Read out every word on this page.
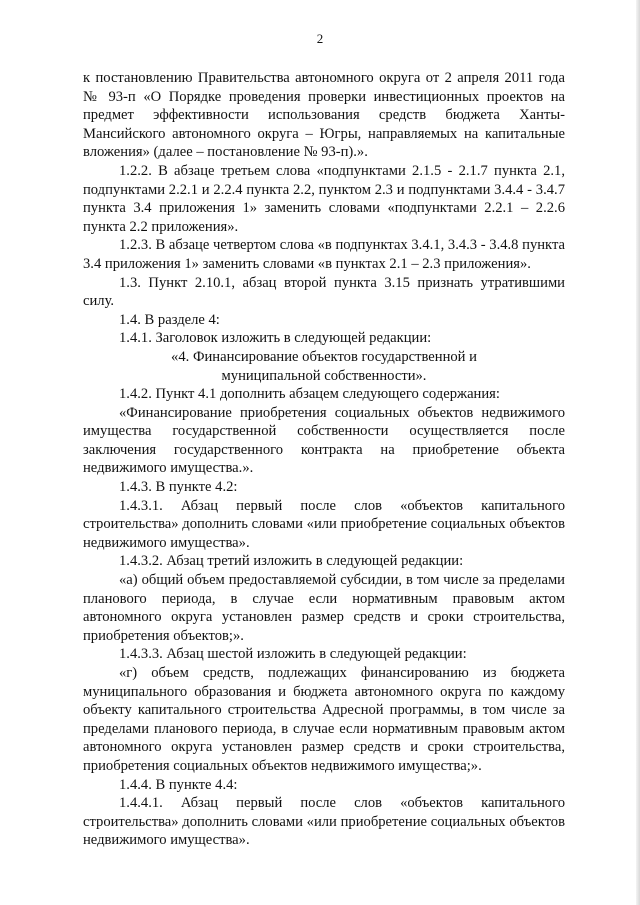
2

к постановлению Правительства автономного округа от 2 апреля 2011 года № 93-п «О Порядке проведения проверки инвестиционных проектов на предмет эффективности использования средств бюджета Ханты-Мансийского автономного округа – Югры, направляемых на капитальные вложения» (далее – постановление № 93-п).».

1.2.2. В абзаце третьем слова «подпунктами 2.1.5 - 2.1.7 пункта 2.1, подпунктами 2.2.1 и 2.2.4 пункта 2.2, пунктом 2.3 и подпунктами 3.4.4 - 3.4.7 пункта 3.4 приложения 1» заменить словами «подпунктами 2.2.1 – 2.2.6 пункта 2.2 приложения».

1.2.3. В абзаце четвертом слова «в подпунктах 3.4.1, 3.4.3 - 3.4.8 пункта 3.4 приложения 1» заменить словами «в пунктах 2.1 – 2.3 приложения».

1.3. Пункт 2.10.1, абзац второй пункта 3.15 признать утратившими силу.

1.4. В разделе 4:

1.4.1. Заголовок изложить в следующей редакции:

«4. Финансирование объектов государственной и муниципальной собственности».

1.4.2. Пункт 4.1 дополнить абзацем следующего содержания:

«Финансирование приобретения социальных объектов недвижимого имущества государственной собственности осуществляется после заключения государственного контракта на приобретение объекта недвижимого имущества.».

1.4.3. В пункте 4.2:

1.4.3.1. Абзац первый после слов «объектов капитального строительства» дополнить словами «или приобретение социальных объектов недвижимого имущества».

1.4.3.2. Абзац третий изложить в следующей редакции:

«а) общий объем предоставляемой субсидии, в том числе за пределами планового периода, в случае если нормативным правовым актом автономного округа установлен размер средств и сроки строительства, приобретения объектов;».

1.4.3.3. Абзац шестой изложить в следующей редакции:

«г) объем средств, подлежащих финансированию из бюджета муниципального образования и бюджета автономного округа по каждому объекту капитального строительства Адресной программы, в том числе за пределами планового периода, в случае если нормативным правовым актом автономного округа установлен размер средств и сроки строительства, приобретения социальных объектов недвижимого имущества;».

1.4.4. В пункте 4.4:

1.4.4.1. Абзац первый после слов «объектов капитального строительства» дополнить словами «или приобретение социальных объектов недвижимого имущества».
